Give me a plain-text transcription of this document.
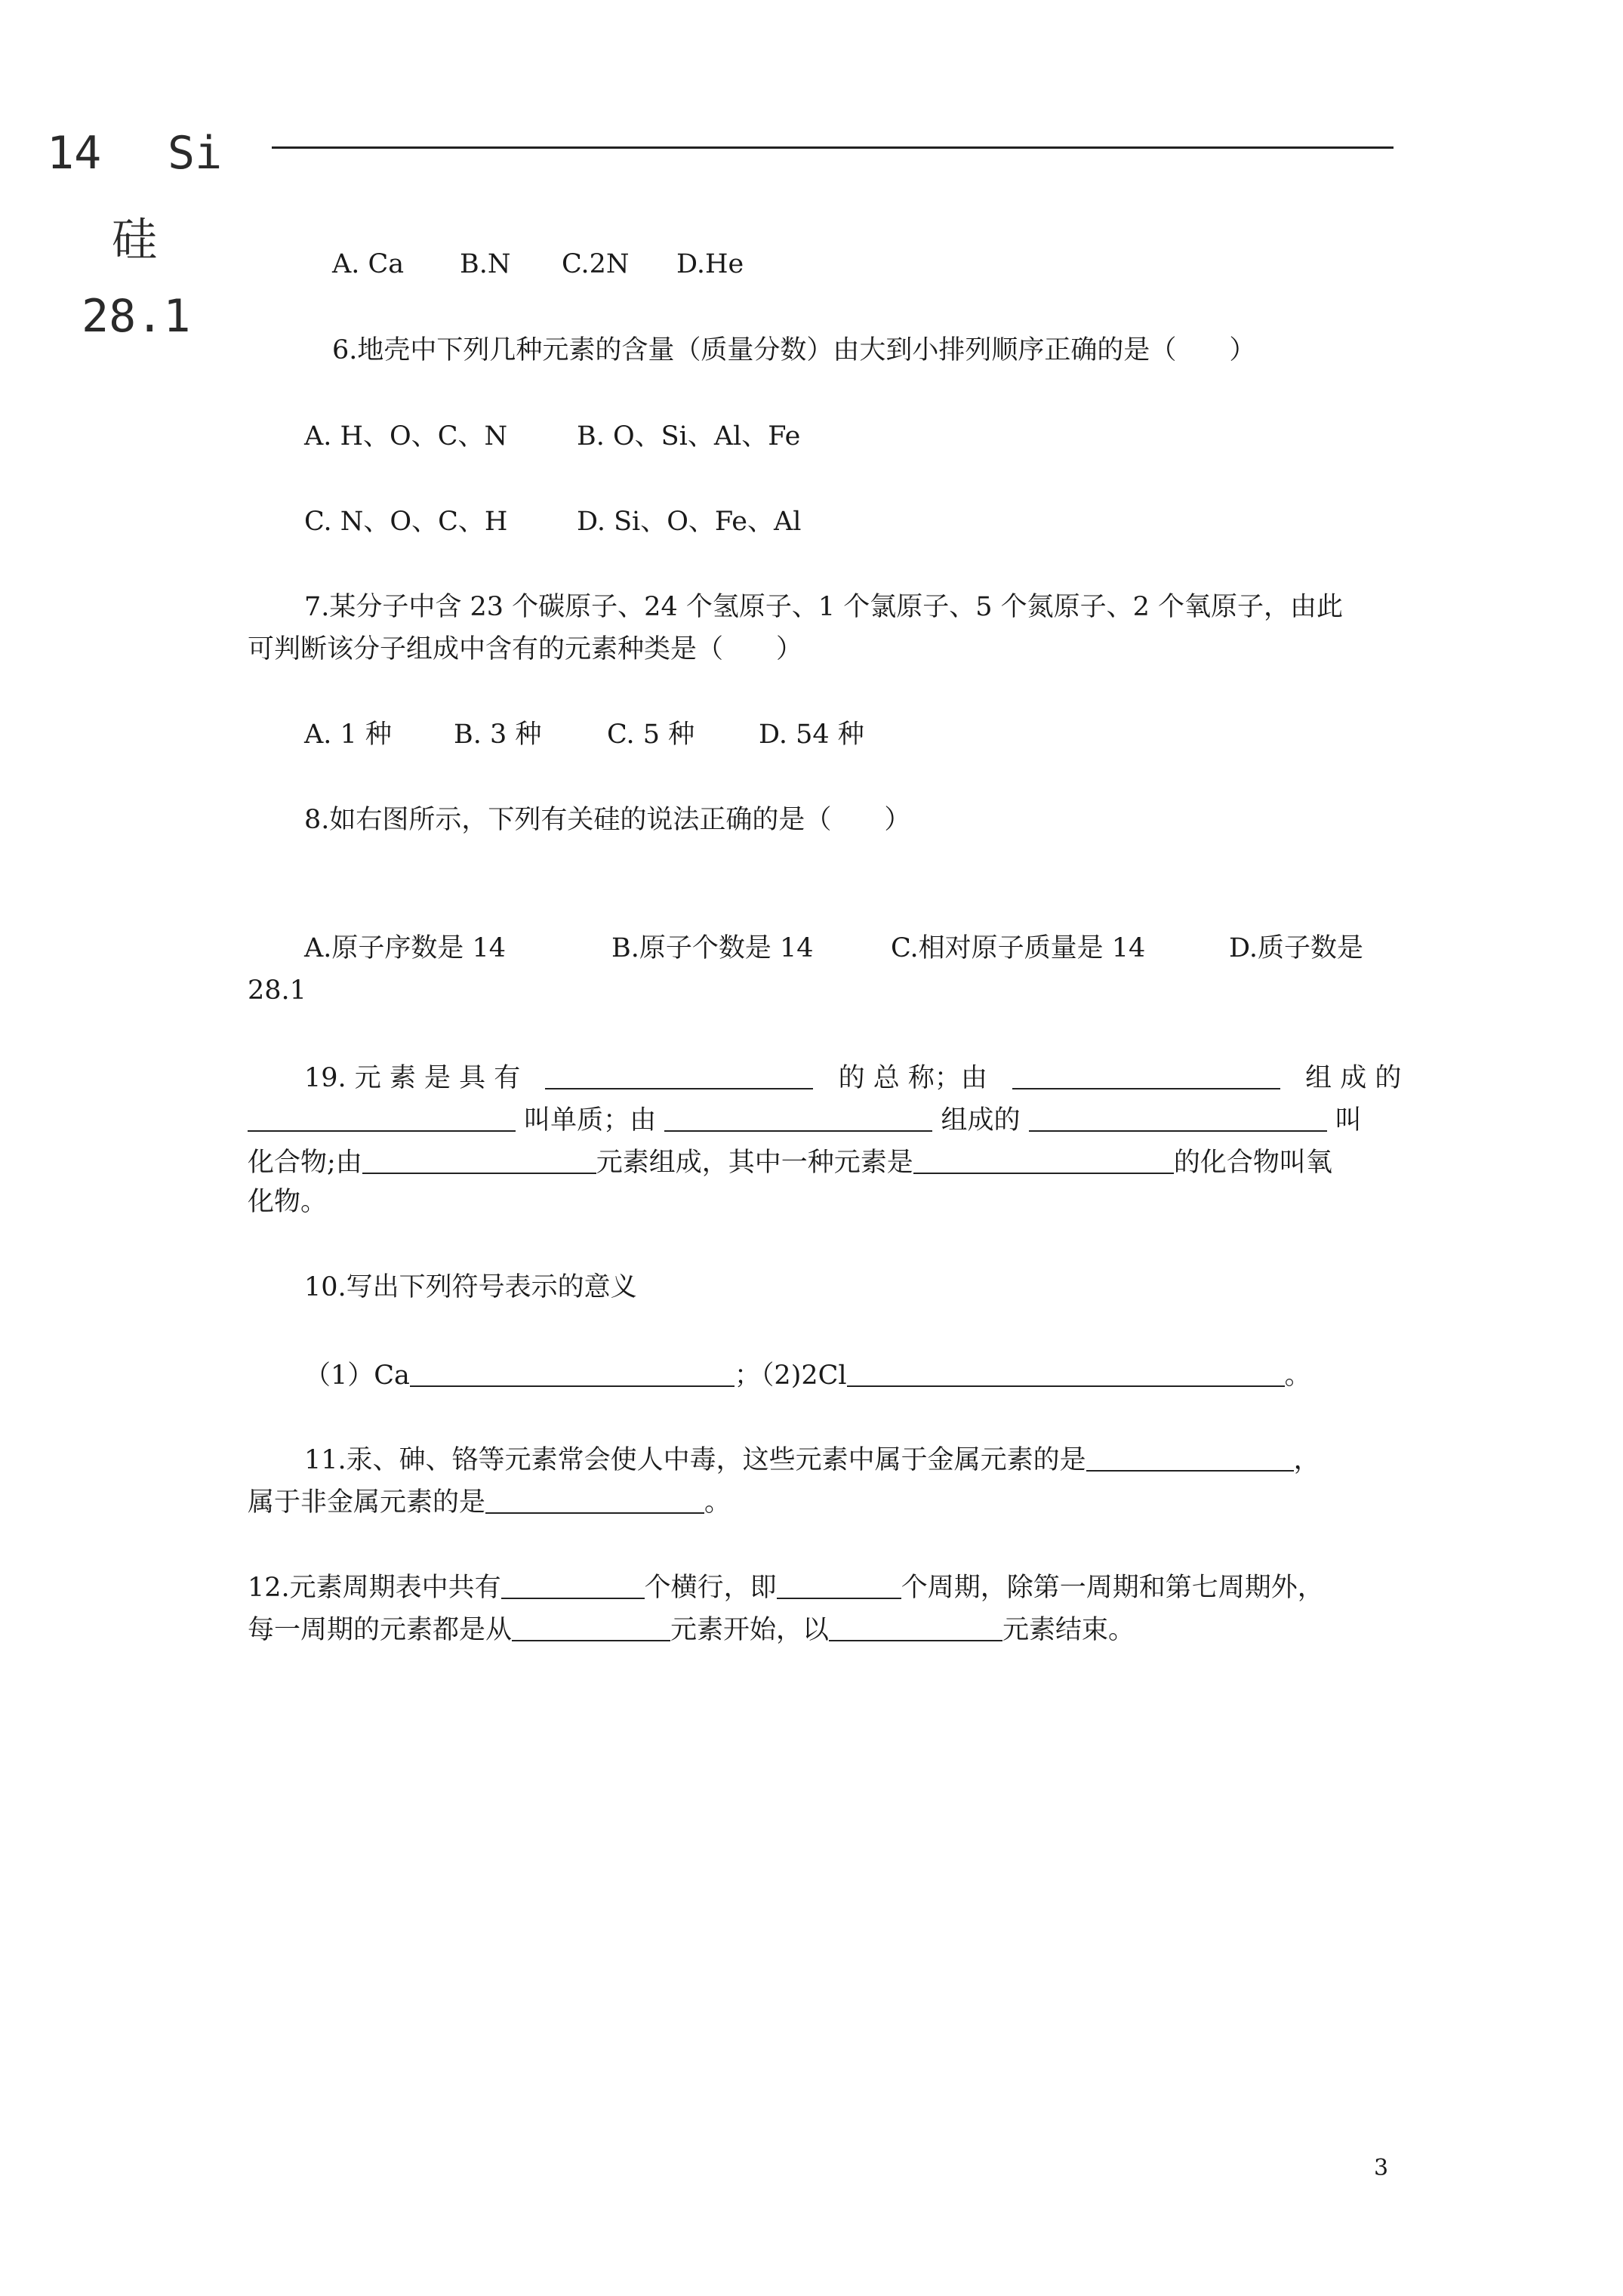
14 Si
硅
28.1
A. Ca B.N C.2N D.He
6.地壳中下列几种元素的含量（质量分数）由大到小排列顺序正确的是（　　）
A. H、O、C、N	B. O、Si、Al、Fe
C. N、O、C、H	D. Si、O、Fe、Al
7.某分子中含 23 个碳原子、24 个氢原子、1 个氯原子、5 个氮原子、2 个氧原子，由此
可判断该分子组成中含有的元素种类是（　　）
A. 1 种 B. 3 种 C. 5 种 D. 54 种
8.如右图所示，下列有关硅的说法正确的是（　　）
A.原子序数是 14	B.原子个数是 14	C.相对原子质量是 14	D.质子数是
28.1
19. 元 素 是 具 有	的 总 称；由	组 成 的
叫单质；由	组成的	叫
化合物;由	元素组成，其中一种元素是	的化合物叫氧
化物。
10.写出下列符号表示的意义
（1）Ca	；（2)2Cl	。
11.汞、砷、铬等元素常会使人中毒，这些元素中属于金属元素的是	，
属于非金属元素的是	。
12.元素周期表中共有	个横行，即	个周期，除第一周期和第七周期外，
每一周期的元素都是从	元素开始，以	元素结束。
3
